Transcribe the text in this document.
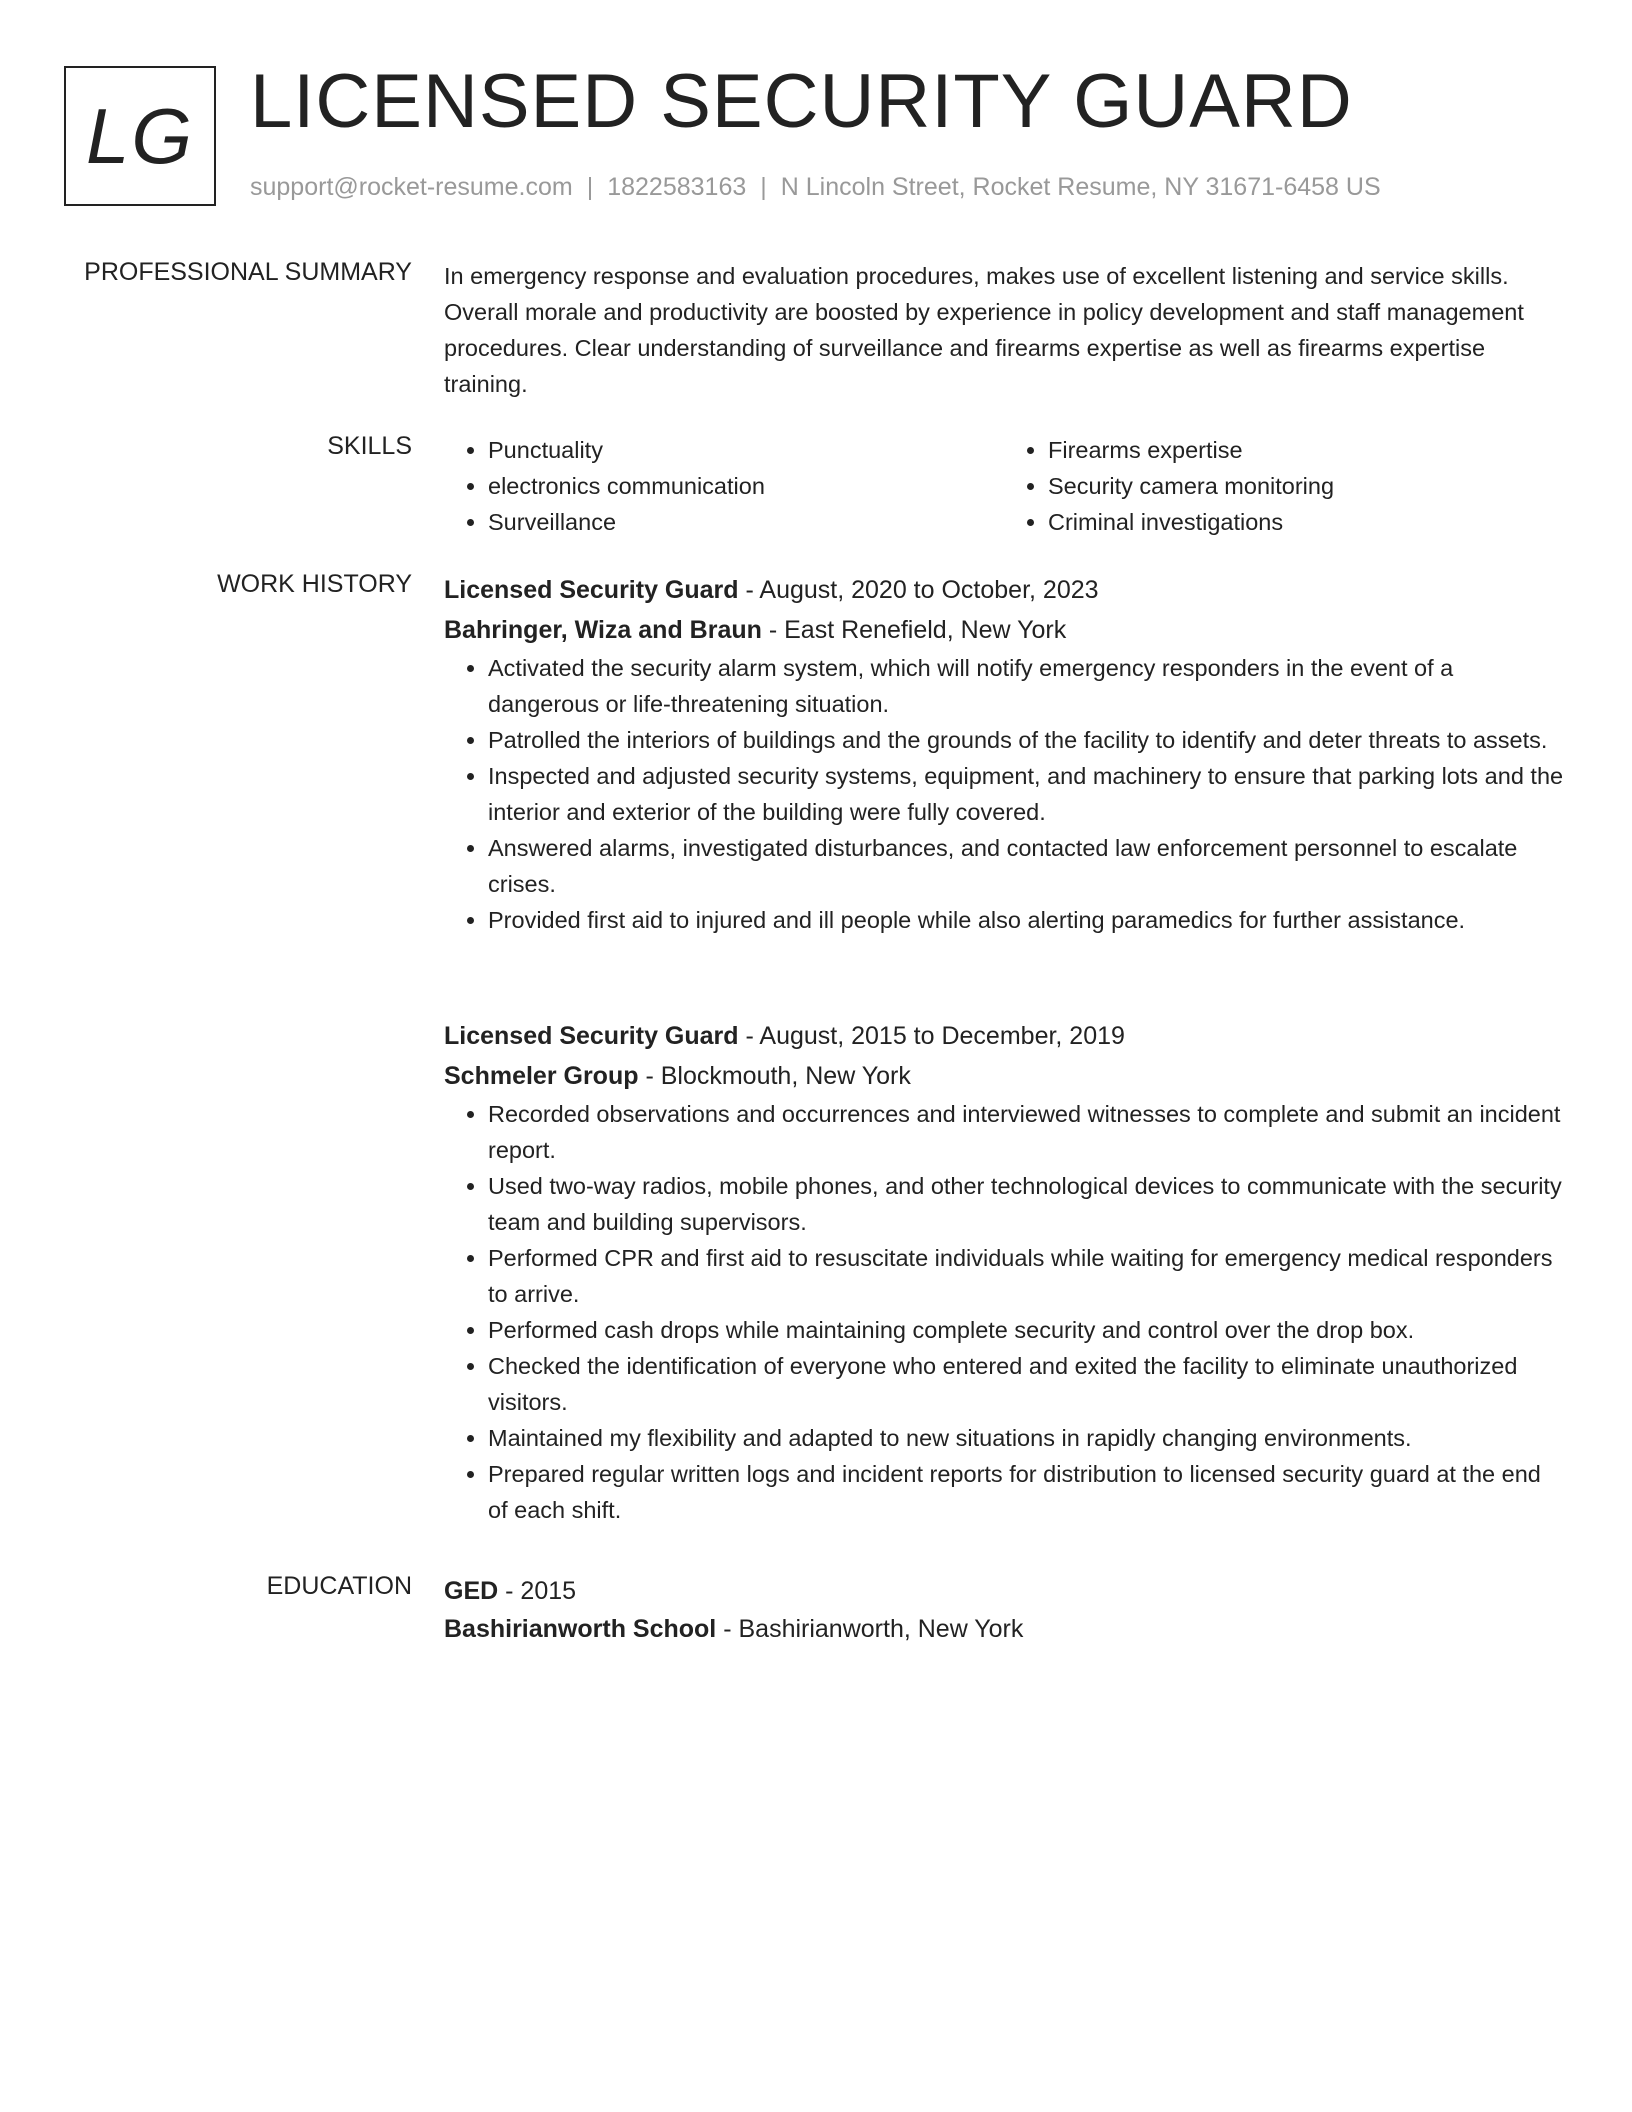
LG LICENSED SECURITY GUARD
support@rocket-resume.com | 1822583163 | N Lincoln Street, Rocket Resume, NY 31671-6458 US
PROFESSIONAL SUMMARY In emergency response and evaluation procedures, makes use of excellent listening and service skills. Overall morale and productivity are boosted by experience in policy development and staff management procedures. Clear understanding of surveillance and firearms expertise as well as firearms expertise training.

SKILLS
•	Punctuality
• electronics communication
• Surveillance
• Firearms expertise
• Security camera monitoring
• Criminal investigations
WORK HISTORY Licensed Security Guard - August, 2020 to October, 2023
Bahringer, Wiza and Braun - East Renefield, New York
• Activated the security alarm system, which will notify emergency responders in the event of a dangerous or life-threatening situation.
• Patrolled the interiors of buildings and the grounds of the facility to identify and deter threats to assets.
• Inspected and adjusted security systems, equipment, and machinery to ensure that parking lots and the interior and exterior of the building were fully covered.
• Answered alarms, investigated disturbances, and contacted law enforcement personnel to escalate crises.
• Provided first aid to injured and ill people while also alerting paramedics for further assistance.
Licensed Security Guard - August, 2015 to December, 2019
Schmeler Group - Blockmouth, New York
• Recorded observations and occurrences and interviewed witnesses to complete and submit an incident report.
• Used two-way radios, mobile phones, and other technological devices to communicate with the security team and building supervisors.
• Performed CPR and first aid to resuscitate individuals while waiting for emergency medical responders to arrive.
• Performed cash drops while maintaining complete security and control over the drop box.
• Checked the identification of everyone who entered and exited the facility to eliminate unauthorized visitors.
• Maintained my flexibility and adapted to new situations in rapidly changing environments.
• Prepared regular written logs and incident reports for distribution to licensed security guard at the end of each shift.
EDUCATION GED - 2015
Bashirianworth School - Bashirianworth, New York
